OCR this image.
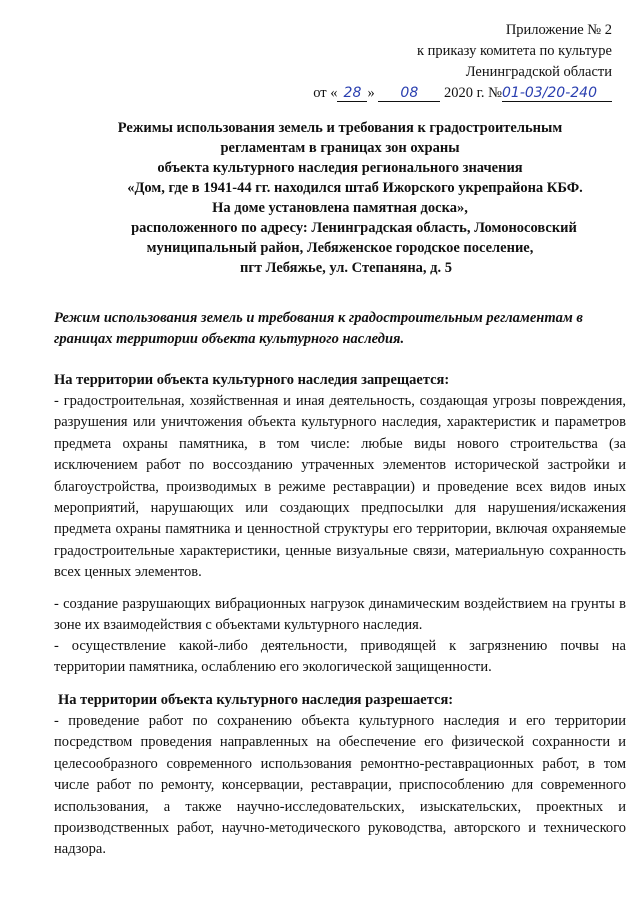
Приложение № 2
к приказу комитета по культуре
Ленинградской области
от « 28 » 08 2020 г. №01-03/20-240
Режимы использования земель и требования к градостроительным
регламентам в границах зон охраны
объекта культурного наследия регионального значения
«Дом, где в 1941-44 гг. находился штаб Ижорского укрепрайона КБФ.
На доме установлена памятная доска»,
расположенного по адресу: Ленинградская область, Ломоносовский
муниципальный район, Лебяженское городское поселение,
пгт Лебяжье, ул. Степаняна, д. 5
Режим использования земель и требования к градостроительным регламентам в границах территории объекта культурного наследия.
На территории объекта культурного наследия запрещается:
- градостроительная, хозяйственная и иная деятельность, создающая угрозы повреждения, разрушения или уничтожения объекта культурного наследия, характеристик и параметров предмета охраны памятника, в том числе: любые виды нового строительства (за исключением работ по воссозданию утраченных элементов исторической застройки и благоустройства, производимых в режиме реставрации) и проведение всех видов иных мероприятий, нарушающих или создающих предпосылки для нарушения/искажения предмета охраны памятника и ценностной структуры его территории, включая охраняемые градостроительные характеристики, ценные визуальные связи, материальную сохранность всех ценных элементов.
- создание разрушающих вибрационных нагрузок динамическим воздействием на грунты в зоне их взаимодействия с объектами культурного наследия.
- осуществление какой-либо деятельности, приводящей к загрязнению почвы на территории памятника, ослаблению его экологической защищенности.
На территории объекта культурного наследия разрешается:
- проведение работ по сохранению объекта культурного наследия и его территории посредством проведения направленных на обеспечение его физической сохранности и целесообразного современного использования ремонтно-реставрационных работ, в том числе работ по ремонту, консервации, реставрации, приспособлению для современного использования, а также научно-исследовательских, изыскательских, проектных и производственных работ, научно-методического руководства, авторского и технического надзора.
